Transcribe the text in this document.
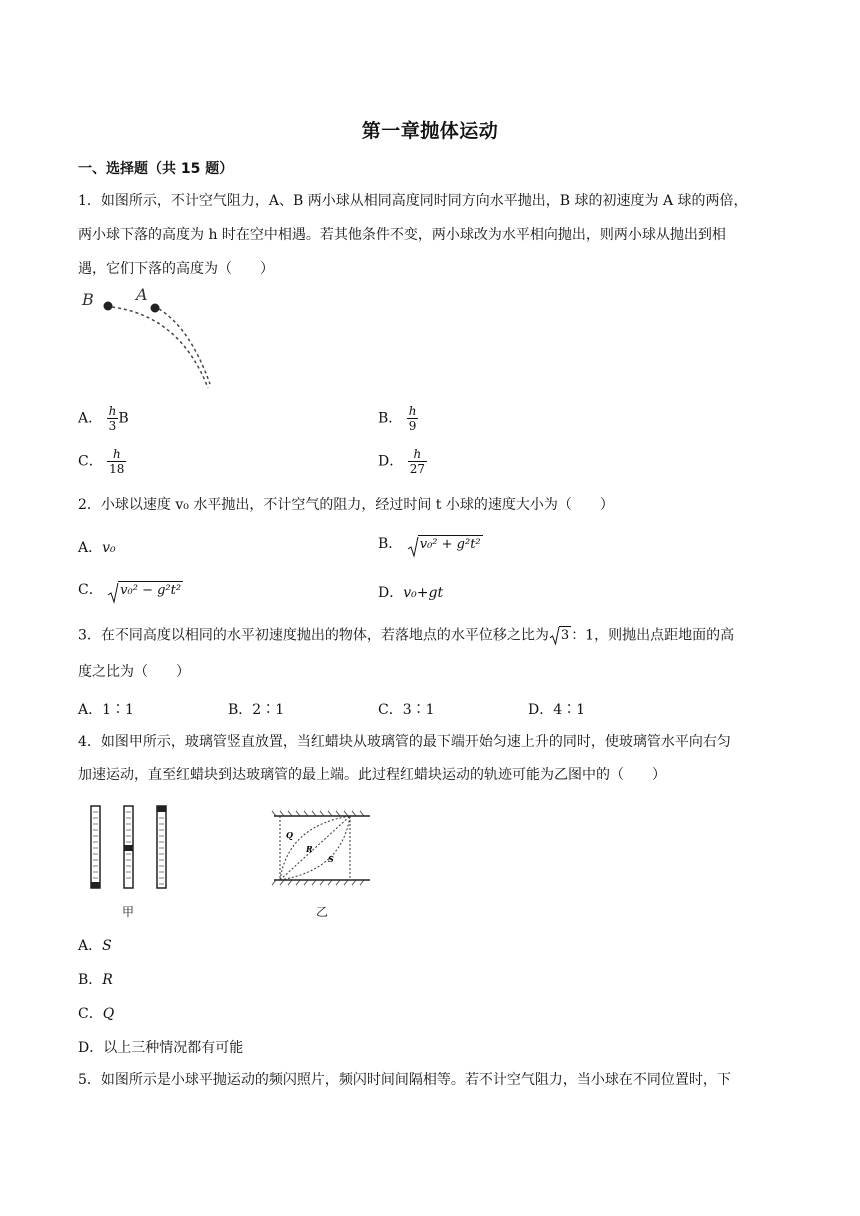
第一章抛体运动
一、选择题（共 15 题）
1．如图所示，不计空气阻力，A、B 两小球从相同高度同时同方向水平抛出，B 球的初速度为 A 球的两倍，
两小球下落的高度为 h 时在空中相遇。若其他条件不变，两小球改为水平相向抛出，则两小球从抛出到相
遇，它们下落的高度为（　　）
B	A
A． $\frac{h}{3}$ B	B． $\frac{h}{9}$
C． $\frac{h}{18}$	D． $\frac{h}{27}$
2．小球以速度 v₀ 水平抛出，不计空气的阻力，经过时间 t 小球的速度大小为（　　）
A．v₀	B． v₀² + g²t²
C． v₀² − g²t²	D．v₀+gt
3．在不同高度以相同的水平初速度抛出的物体，若落地点的水平位移之比为 3 ：1，则抛出点距地面的高
度之比为（　　）
A．1∶1	B．2∶1	C．3∶1	D．4∶1
4．如图甲所示，玻璃管竖直放置，当红蜡块从玻璃管的最下端开始匀速上升的同时，使玻璃管水平向右匀
加速运动，直至红蜡块到达玻璃管的最上端。此过程红蜡块运动的轨迹可能为乙图中的（　　）
甲
Q
R
S
乙
A．S
B．R
C．Q
D．以上三种情况都有可能
5．如图所示是小球平抛运动的频闪照片，频闪时间间隔相等。若不计空气阻力，当小球在不同位置时，下
